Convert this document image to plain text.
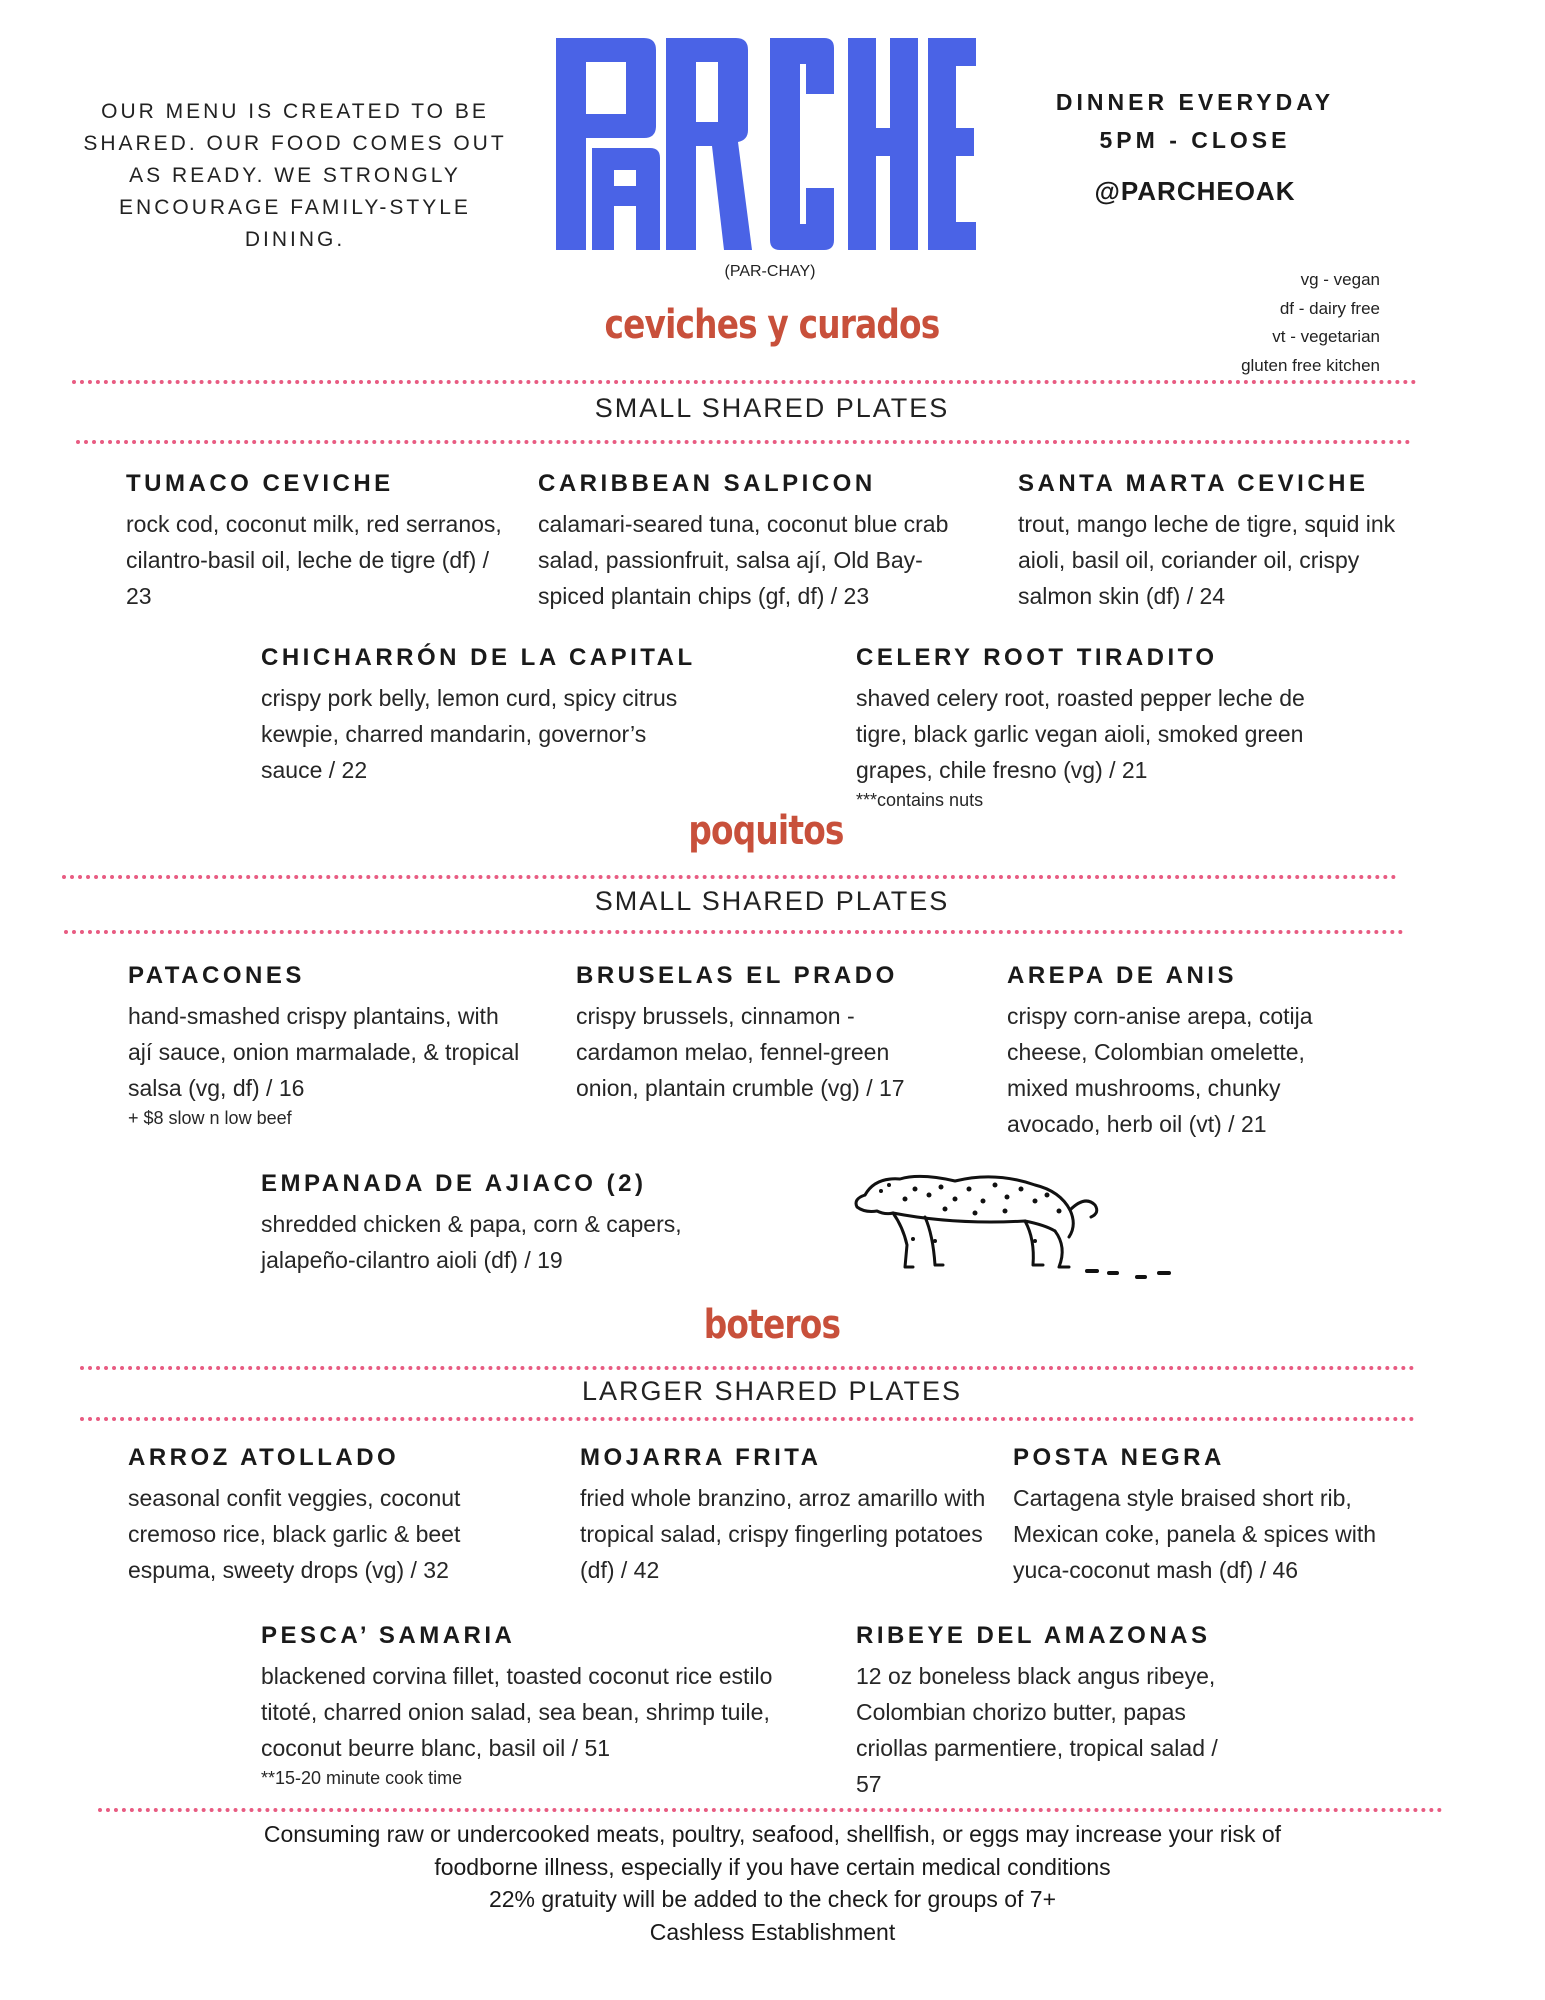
OUR MENU IS CREATED TO BE SHARED. OUR FOOD COMES OUT AS READY. WE STRONGLY ENCOURAGE FAMILY-STYLE DINING.
(PAR-CHAY)
DINNER EVERYDAY
5PM - CLOSE
@PARCHEOAK
vg - vegan
df - dairy free
vt - vegetarian
gluten free kitchen
ceviches y curados
SMALL SHARED PLATES
TUMACO CEVICHE
rock cod, coconut milk, red serranos, cilantro-basil oil, leche de tigre (df) / 23
CARIBBEAN SALPICON
calamari-seared tuna, coconut blue crab salad, passionfruit, salsa ají, Old Bay-spiced plantain chips (gf, df) / 23
SANTA MARTA CEVICHE
trout, mango leche de tigre, squid ink aioli, basil oil, coriander oil, crispy salmon skin (df) / 24
CHICHARRÓN DE LA CAPITAL
crispy pork belly, lemon curd, spicy citrus kewpie, charred mandarin, governor’s sauce / 22
CELERY ROOT TIRADITO
shaved celery root, roasted pepper leche de tigre, black garlic vegan aioli, smoked green grapes, chile fresno (vg) / 21
***contains nuts
poquitos
SMALL SHARED PLATES
PATACONES
hand-smashed crispy plantains, with ají sauce, onion marmalade, & tropical salsa (vg, df) / 16
+ $8 slow n low beef
BRUSELAS EL PRADO
crispy brussels, cinnamon - cardamon melao, fennel-green onion, plantain crumble (vg) / 17
AREPA DE ANIS
crispy corn-anise arepa, cotija cheese, Colombian omelette, mixed mushrooms, chunky avocado, herb oil (vt) / 21
EMPANADA DE AJIACO (2)
shredded chicken & papa, corn & capers, jalapeño-cilantro aioli (df) / 19
boteros
LARGER SHARED PLATES
ARROZ ATOLLADO
seasonal confit veggies, coconut cremoso rice, black garlic & beet espuma, sweety drops (vg) / 32
MOJARRA FRITA
fried whole branzino, arroz amarillo with tropical salad, crispy fingerling potatoes (df) / 42
POSTA NEGRA
Cartagena style braised short rib, Mexican coke, panela & spices with yuca-coconut mash (df) / 46
PESCA’ SAMARIA
blackened corvina fillet, toasted coconut rice estilo titoté, charred onion salad, sea bean, shrimp tuile, coconut beurre blanc, basil oil / 51
**15-20 minute cook time
RIBEYE DEL AMAZONAS
12 oz boneless black angus ribeye, Colombian chorizo butter, papas criollas parmentiere, tropical salad / 57
Consuming raw or undercooked meats, poultry, seafood, shellfish, or eggs may increase your risk of
foodborne illness, especially if you have certain medical conditions
22% gratuity will be added to the check for groups of 7+
Cashless Establishment
